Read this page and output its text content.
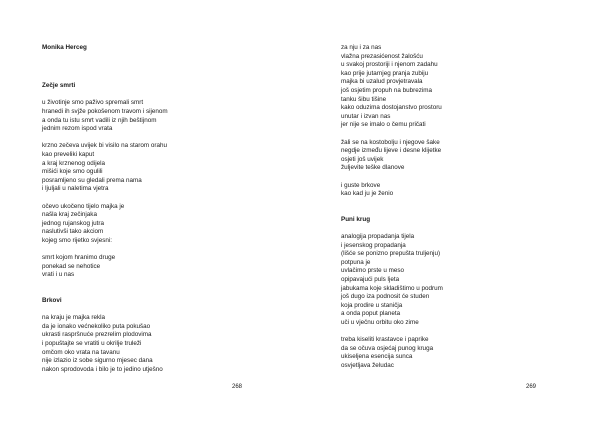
Monika Herceg
Zečje smrti
u životinje smo paživo spremali smrt
hranedi ih svjže pokošenom travom i sijenom
a onda tu istu smrt vadili iz njih beštijnom
jednim rezom ispod vrata
krzno zečeva uvijek bi visilo na starom orahu
kao preveliki kaput
a kraj krznenog odijela
mišići koje smo ogulili
posramljeno su gledali prema nama
i ljuljali u naletima vjetra
očevo ukočeno tijelo majka je
našla kraj zečinjaka
jednog rujanskog jutra
naslutivši tako akciom
kojeg smo rijetko svjesni:
smrt kojom hranimo druge
ponekad se nehotice
vrati i u nas
Brkovi
na kraju je majka rekla
da je ionako većnekoliko puta pokušao
ukrasti raspršnuće prezrelim plodovima
i popuštajte se vratiti u okrilje truleži
omčom oko vrata na tavanu
nije izlazio iz sobe sigurno mjesec dana
nakon sprodovoda i bilo je to jedino utješno
268
za nju i za nas
vlažna prezasićenost žalošću
u svakoj prostoriji i njenom zadahu
kao prije jutarnjeg pranja zubiju
majka bi uzalud provjetravala
još osjetim propuh na bubrezima
tanku šibu tišine
kako oduzima dostojanstvo prostoru
unutar i izvan nas
jer nije se imalo o čemu pričati
žali se na kostobolju i njegove šake
negdje između lijeve i desne klijetke
osjeti još uvijek
žuljevite teške dlanove
i guste brkove
kao kad ju je ženio
Puni krug
analogija propadanja tijela
i jesenskog propadanja
(lišće se ponizno prepušta truljenju)
potpuna je
uvlačimo prste u meso
opipavajući puls ljeta
jabukama koje skladištimo u podrum
još dugo iza podnosit će studen
koja prodire u staničja
a onda poput planeta
uči u vječnu orbitu oko zime
treba kiseliti krastavce i paprike
da se očuva osjećaj punog kruga
ukiseljena esencija sunca
osvjetljava želudac
269
